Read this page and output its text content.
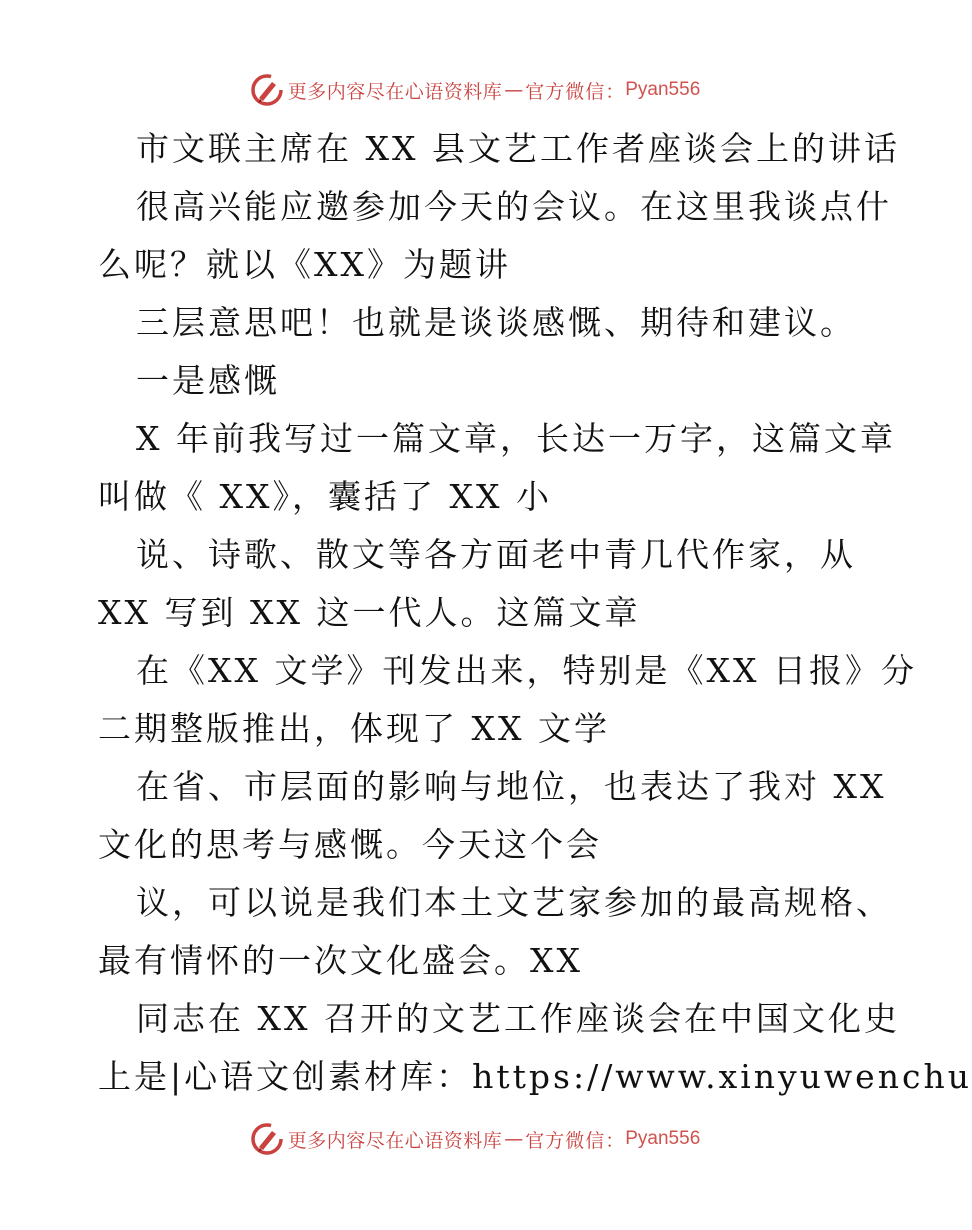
更多内容尽在心语资料库 — 官方微信： Pyan556
市文联主席在 XX 县文艺工作者座谈会上的讲话
很高兴能应邀参加今天的会议。在这里我谈点什
么呢？就以《XX》为题讲
三层意思吧！也就是谈谈感慨、期待和建议。
一是感慨
X 年前我写过一篇文章，长达一万字，这篇文章
叫做《 XX》，囊括了 XX 小
说、诗歌、散文等各方面老中青几代作家，从
XX 写到 XX 这一代人。这篇文章
在《XX 文学》刊发出来，特别是《XX 日报》分
二期整版推出，体现了 XX 文学
在省、市层面的影响与地位，也表达了我对 XX
文化的思考与感慨。今天这个会
议，可以说是我们本土文艺家参加的最高规格、
最有情怀的一次文化盛会。XX
同志在 XX 召开的文艺工作座谈会在中国文化史
上是|心语文创素材库：https://www.xinyuwenchu
更多内容尽在心语资料库 — 官方微信： Pyan556
